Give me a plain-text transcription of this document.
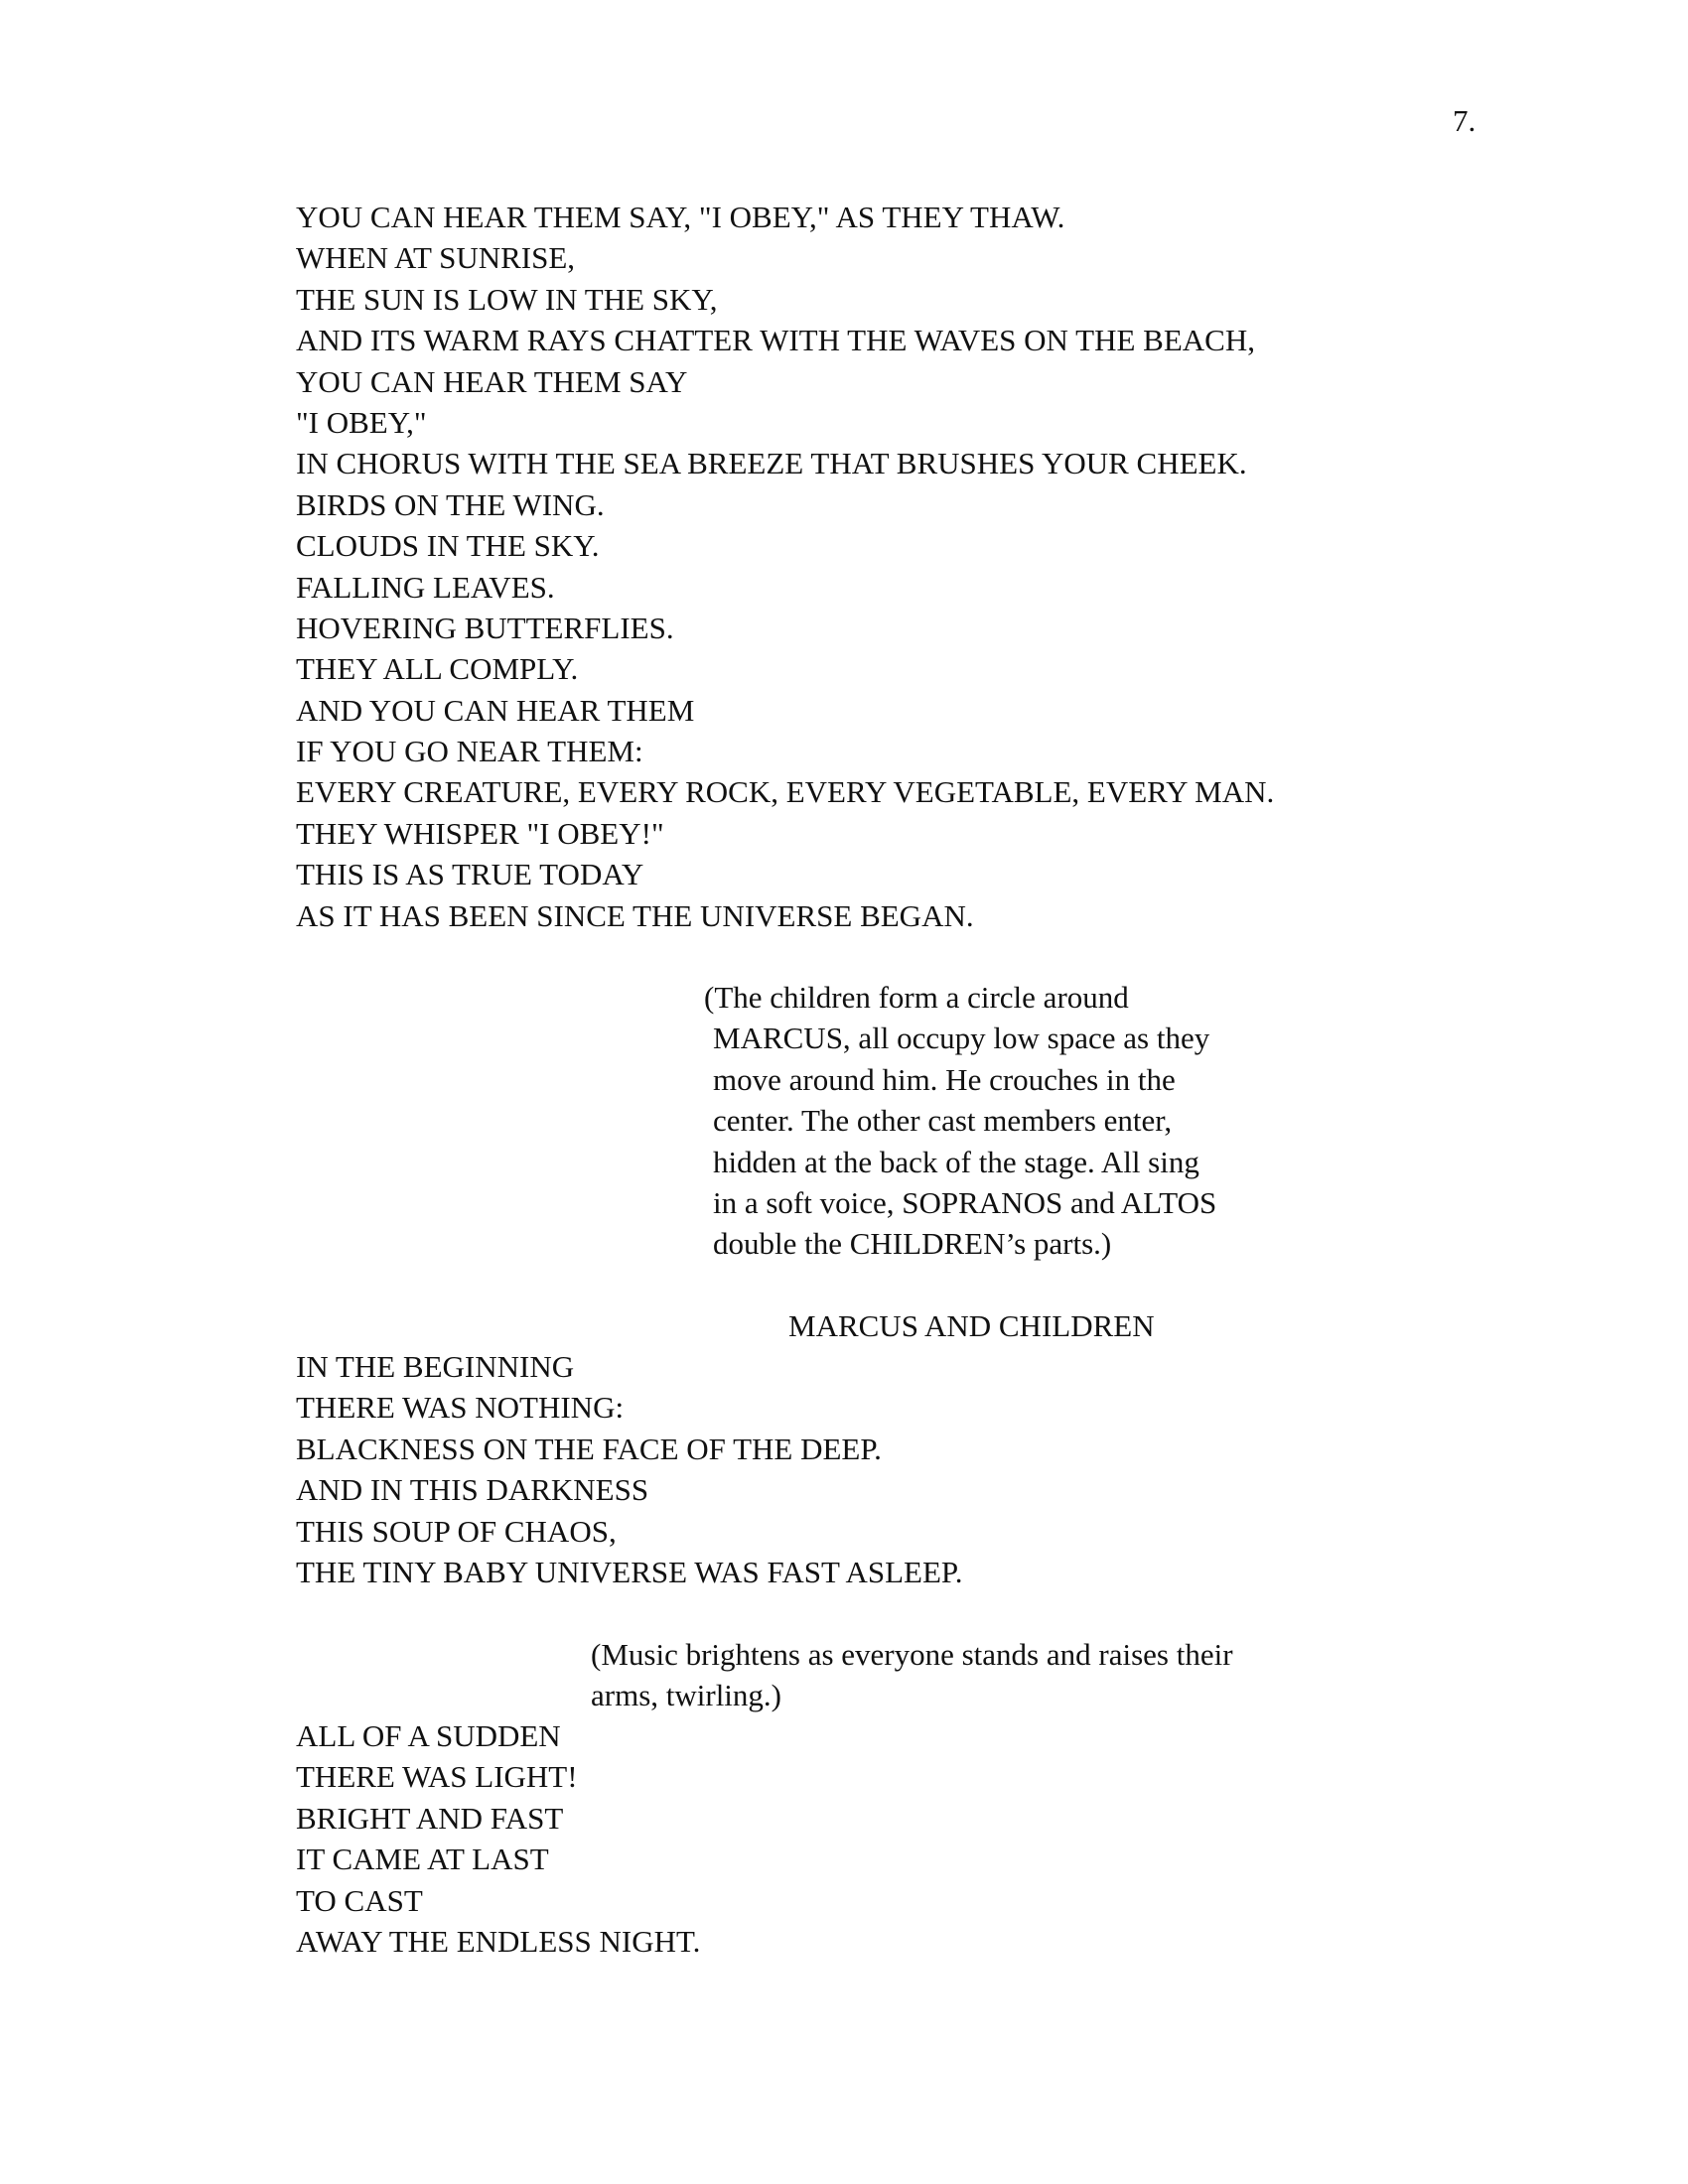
7.
YOU CAN HEAR THEM SAY, "I OBEY," AS THEY THAW.
WHEN AT SUNRISE,
THE SUN IS LOW IN THE SKY,
AND ITS WARM RAYS CHATTER WITH THE WAVES ON THE BEACH,
YOU CAN HEAR THEM SAY
"I OBEY,"
IN CHORUS WITH THE SEA BREEZE THAT BRUSHES YOUR CHEEK.
BIRDS ON THE WING.
CLOUDS IN THE SKY.
FALLING LEAVES.
HOVERING BUTTERFLIES.
THEY ALL COMPLY.
AND YOU CAN HEAR THEM
IF YOU GO NEAR THEM:
EVERY CREATURE, EVERY ROCK, EVERY VEGETABLE, EVERY MAN.
THEY WHISPER "I OBEY!"
THIS IS AS TRUE TODAY
AS IT HAS BEEN SINCE THE UNIVERSE BEGAN.
(The children form a circle around
MARCUS, all occupy low space as they
move around him. He crouches in the
center. The other cast members enter,
hidden at the back of the stage. All sing
in a soft voice, SOPRANOS and ALTOS
double the CHILDREN’s parts.)
MARCUS AND CHILDREN
IN THE BEGINNING
THERE WAS NOTHING:
BLACKNESS ON THE FACE OF THE DEEP.
AND IN THIS DARKNESS
THIS SOUP OF CHAOS,
THE TINY BABY UNIVERSE WAS FAST ASLEEP.
(Music brightens as everyone stands and raises their
arms, twirling.)
ALL OF A SUDDEN
THERE WAS LIGHT!
BRIGHT AND FAST
IT CAME AT LAST
TO CAST
AWAY THE ENDLESS NIGHT.
